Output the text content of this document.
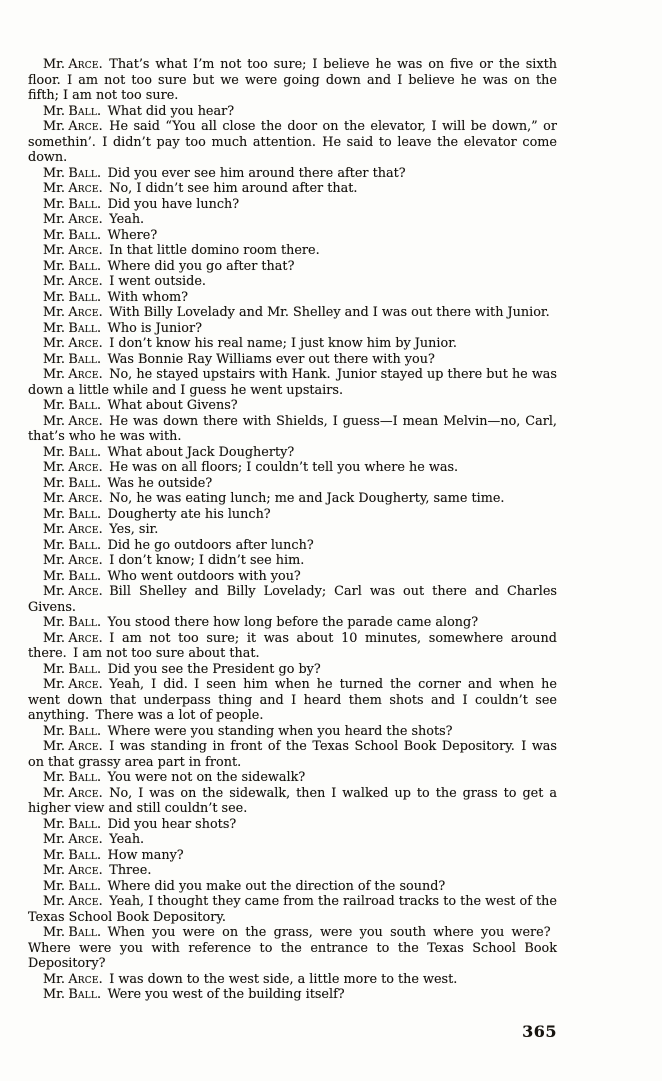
Mr. Arce. That’s what I’m not too sure; I believe he was on five or the sixth floor. I am not too sure but we were going down and I believe he was on the fifth; I am not too sure.

Mr. Ball. What did you hear?

Mr. Arce. He said “You all close the door on the elevator, I will be down,” or somethin’. I didn’t pay too much attention. He said to leave the elevator come down.

Mr. Ball. Did you ever see him around there after that?

Mr. Arce. No, I didn’t see him around after that.

Mr. Ball. Did you have lunch?

Mr. Arce. Yeah.

Mr. Ball. Where?

Mr. Arce. In that little domino room there.

Mr. Ball. Where did you go after that?

Mr. Arce. I went outside.

Mr. Ball. With whom?

Mr. Arce. With Billy Lovelady and Mr. Shelley and I was out there with Junior.

Mr. Ball. Who is Junior?

Mr. Arce. I don’t know his real name; I just know him by Junior.

Mr. Ball. Was Bonnie Ray Williams ever out there with you?

Mr. Arce. No, he stayed upstairs with Hank. Junior stayed up there but he was down a little while and I guess he went upstairs.

Mr. Ball. What about Givens?

Mr. Arce. He was down there with Shields, I guess—I mean Melvin—no, Carl, that’s who he was with.

Mr. Ball. What about Jack Dougherty?

Mr. Arce. He was on all floors; I couldn’t tell you where he was.

Mr. Ball. Was he outside?

Mr. Arce. No, he was eating lunch; me and Jack Dougherty, same time.

Mr. Ball. Dougherty ate his lunch?

Mr. Arce. Yes, sir.

Mr. Ball. Did he go outdoors after lunch?

Mr. Arce. I don’t know; I didn’t see him.

Mr. Ball. Who went outdoors with you?

Mr. Arce. Bill Shelley and Billy Lovelady; Carl was out there and Charles Givens.

Mr. Ball. You stood there how long before the parade came along?

Mr. Arce. I am not too sure; it was about 10 minutes, somewhere around there. I am not too sure about that.

Mr. Ball. Did you see the President go by?

Mr. Arce. Yeah, I did. I seen him when he turned the corner and when he went down that underpass thing and I heard them shots and I couldn’t see anything. There was a lot of people.

Mr. Ball. Where were you standing when you heard the shots?

Mr. Arce. I was standing in front of the Texas School Book Depository. I was on that grassy area part in front.

Mr. Ball. You were not on the sidewalk?

Mr. Arce. No, I was on the sidewalk, then I walked up to the grass to get a higher view and still couldn’t see.

Mr. Ball. Did you hear shots?

Mr. Arce. Yeah.

Mr. Ball. How many?

Mr. Arce. Three.

Mr. Ball. Where did you make out the direction of the sound?

Mr. Arce. Yeah, I thought they came from the railroad tracks to the west of the Texas School Book Depository.

Mr. Ball. When you were on the grass, were you south where you were? Where were you with reference to the entrance to the Texas School Book Depository?

Mr. Arce. I was down to the west side, a little more to the west.

Mr. Ball. Were you west of the building itself?

365
